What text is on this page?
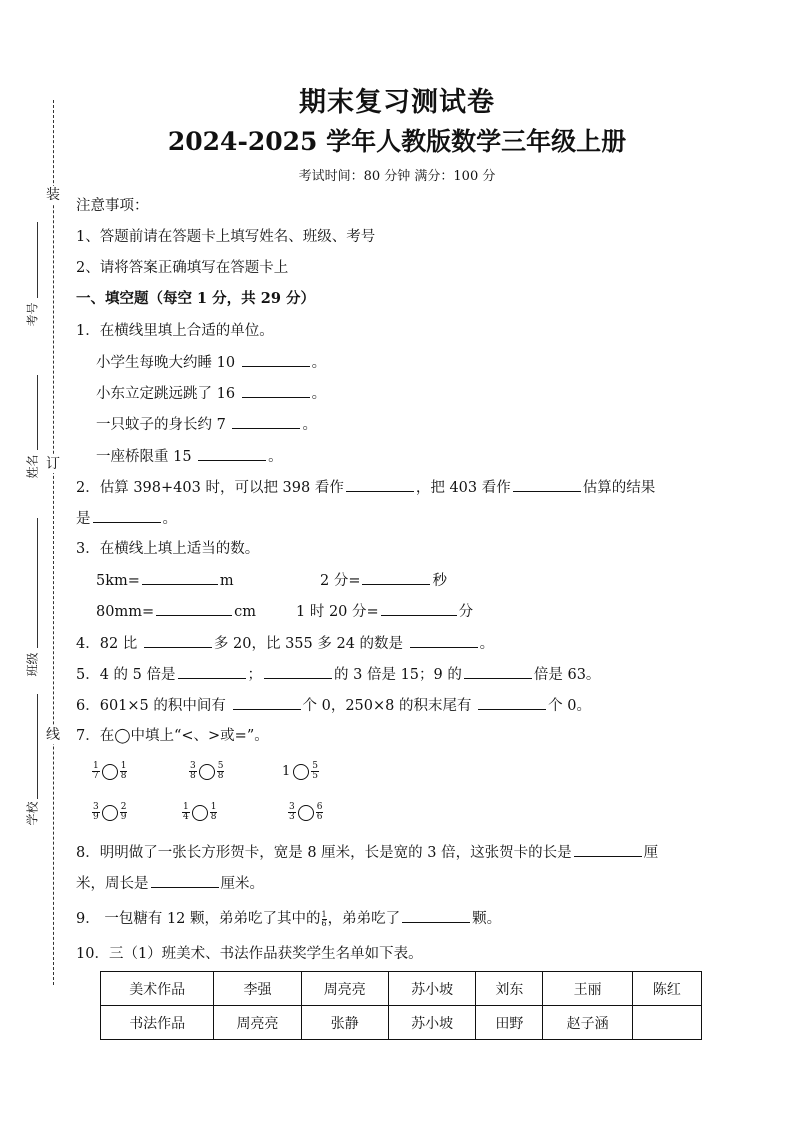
装
订
线
考号
姓名
班级
学校
期末复习测试卷
2024-2025 学年人教版数学三年级上册
考试时间：80 分钟 满分：100 分
注意事项：
1、答题前请在答题卡上填写姓名、班级、考号
2、请将答案正确填写在答题卡上
一、填空题（每空 1 分，共 29 分）
1．在横线里填上合适的单位。
小学生每晚大约睡 10	。
小东立定跳远跳了 16	。
一只蚊子的身长约 7	。
一座桥限重 15	。
2．估算 398+403 时，可以把 398 看作	，把 403 看作	估算的结果
是	。
3．在横线上填上适当的数。
5km=	m	2 分=	秒
80mm=	cm	1 时 20 分=	分
4．82 比	多 20，比 355 多 24 的数是	。
5．4 的 5 倍是	；	的 3 倍是 15；9 的	倍是 63。
6．601×5 的积中间有	个 0，250×8 的积末尾有	个 0。
7．在◯中填上“<、>或=”。
$\frac{1}{7} \frac{1}{8}$	$\frac{3}{8} \frac{5}{8}$	$1 \frac{5}{5}$
$\frac{3}{9} \frac{2}{9}$	$\frac{1}{4} \frac{1}{8}$	$\frac{3}{3} \frac{6}{6}$
8．明明做了一张长方形贺卡，宽是 8 厘米，长是宽的 3 倍，这张贺卡的长是	厘
米，周长是	厘米。
9． 一包糖有 12 颗，弟弟吃了其中的 $\frac{1}{6}$ ，弟弟吃了	颗。
10．三（1）班美术、书法作品获奖学生名单如下表。
美术作品	李强	周亮亮	苏小坡	刘东	王丽	陈红
书法作品	周亮亮	张静	苏小坡	田野	赵子涵	
